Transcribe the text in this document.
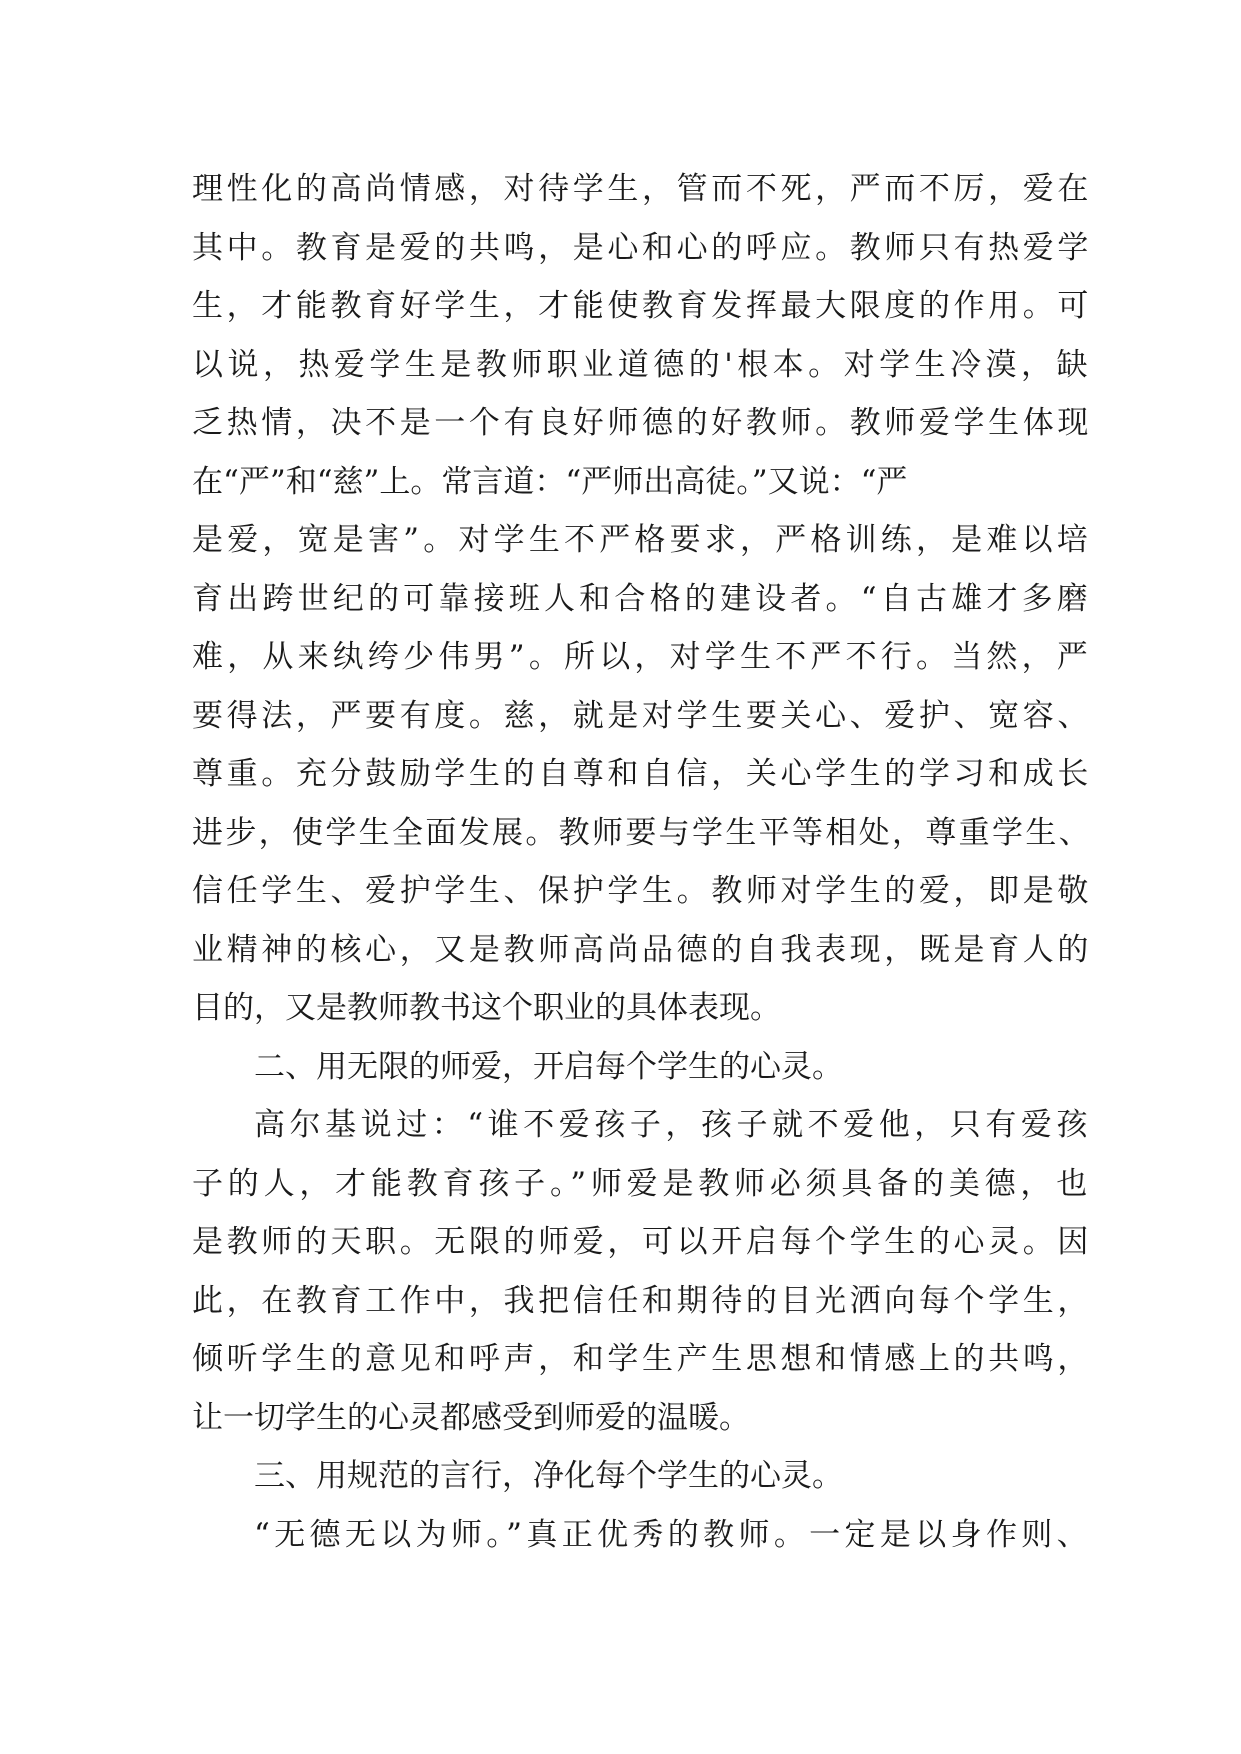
理性化的高尚情感，对待学生，管而不死，严而不厉，爱在
其中。教育是爱的共鸣，是心和心的呼应。教师只有热爱学
生，才能教育好学生，才能使教育发挥最大限度的作用。可
以说，热爱学生是教师职业道德的'根本。对学生冷漠，缺
乏热情，决不是一个有良好师德的好教师。教师爱学生体现
在“严”和“慈”上。常言道：“严师出高徒。”又说：“严
是爱，宽是害”。对学生不严格要求，严格训练，是难以培
育出跨世纪的可靠接班人和合格的建设者。“自古雄才多磨
难，从来纨绔少伟男”。所以，对学生不严不行。当然，严
要得法，严要有度。慈，就是对学生要关心、爱护、宽容、
尊重。充分鼓励学生的自尊和自信，关心学生的学习和成长
进步，使学生全面发展。教师要与学生平等相处，尊重学生、
信任学生、爱护学生、保护学生。教师对学生的爱，即是敬
业精神的核心，又是教师高尚品德的自我表现，既是育人的
目的，又是教师教书这个职业的具体表现。
二、用无限的师爱，开启每个学生的心灵。
高尔基说过：“谁不爱孩子，孩子就不爱他，只有爱孩
子的人，才能教育孩子。”师爱是教师必须具备的美德，也
是教师的天职。无限的师爱，可以开启每个学生的心灵。因
此，在教育工作中，我把信任和期待的目光洒向每个学生，
倾听学生的意见和呼声，和学生产生思想和情感上的共鸣，
让一切学生的心灵都感受到师爱的温暖。
三、用规范的言行，净化每个学生的心灵。
“无德无以为师。”真正优秀的教师。一定是以身作则、
